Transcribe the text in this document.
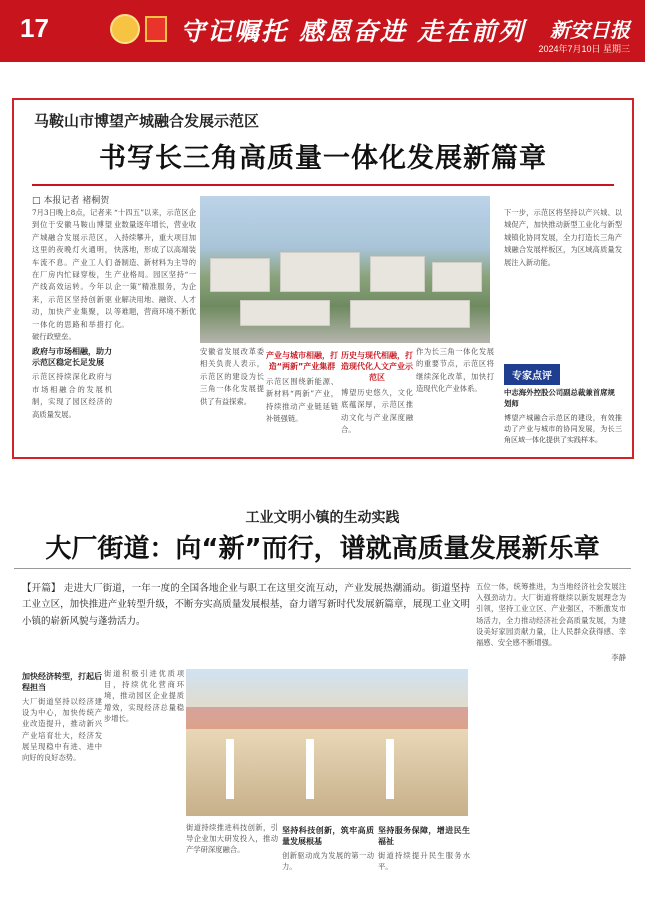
17	守记嘱托 感恩奋进 走在前列 新安日报
2024年7月10日 星期三
马鞍山市博望产城融合发展示范区
书写长三角高质量一体化发展新篇章
□ 本报记者 褚桐贺
7月3日晚上8点，记者来到位于安徽马鞍山博望产城融合发展示范区，这里的夜晚灯火通明，车流不息。产业工人们在厂房内忙碌穿梭，生产线高效运转。今年以来，示范区坚持创新驱动，加快产业集聚，以一体化的思路和举措打破行政壁垒。
政府与市场相融，助力示范区稳定长足发展
示范区持续深化政府与市场相融合的发展机制，实现了园区经济的高质量发展。
“十四五”以来，示范区企业数量逐年增长，营业收入持续攀升，重大项目加快落地，形成了以高端装备制造、新材料为主导的产业格局。园区坚持“一企一策”精准服务，为企业解决用地、融资、人才等难题，营商环境不断优化。
安徽省发展改革委相关负责人表示，示范区的建设为长三角一体化发展提供了有益探索。
产业与城市相融，打造“两新”产业集群
示范区围绕新能源、新材料“两新”产业，持续推动产业链延链补链强链。
历史与现代相融，打造现代化人文产业示范区
博望历史悠久，文化底蕴深厚，示范区推动文化与产业深度融合。
作为长三角一体化发展的重要节点，示范区将继续深化改革，加快打造现代化产业体系。
下一步，示范区将坚持以产兴城、以城促产，加快推动新型工业化与新型城镇化协同发展，全力打造长三角产城融合发展样板区，为区域高质量发展注入新动能。
专家点评
中志海外控股公司副总裁兼首席规划师
博望产城融合示范区的建设，有效推动了产业与城市的协同发展，为长三角区域一体化提供了实践样本。
工业文明小镇的生动实践
大厂街道：向“新”而行，谱就高质量发展新乐章
【开篇】 走进大厂街道，一年一度的全国各地企业与职工在这里交流互动，产业发展热潮涌动。街道坚持工业立区，加快推进产业转型升级，不断夯实高质量发展根基，奋力谱写新时代发展新篇章，展现工业文明小镇的崭新风貌与蓬勃活力。
加快经济转型，打起后程担当
大厂街道坚持以经济建设为中心，加快传统产业改造提升，推动新兴产业培育壮大，经济发展呈现稳中有进、进中向好的良好态势。
街道积极引进优质项目，持续优化营商环境，推动园区企业提质增效，实现经济总量稳步增长。
街道持续推进科技创新，引导企业加大研发投入，推动产学研深度融合。
坚持科技创新，筑牢高质量发展根基
创新驱动成为发展的第一动力。
坚持服务保障，增进民生福祉
街道持续提升民生服务水平。
五位一体，统筹推进，为当地经济社会发展注入强劲动力。大厂街道将继续以新发展理念为引领，坚持工业立区、产业强区，不断激发市场活力，全力推动经济社会高质量发展，为建设美好家园贡献力量，让人民群众获得感、幸福感、安全感不断增强。
李静
